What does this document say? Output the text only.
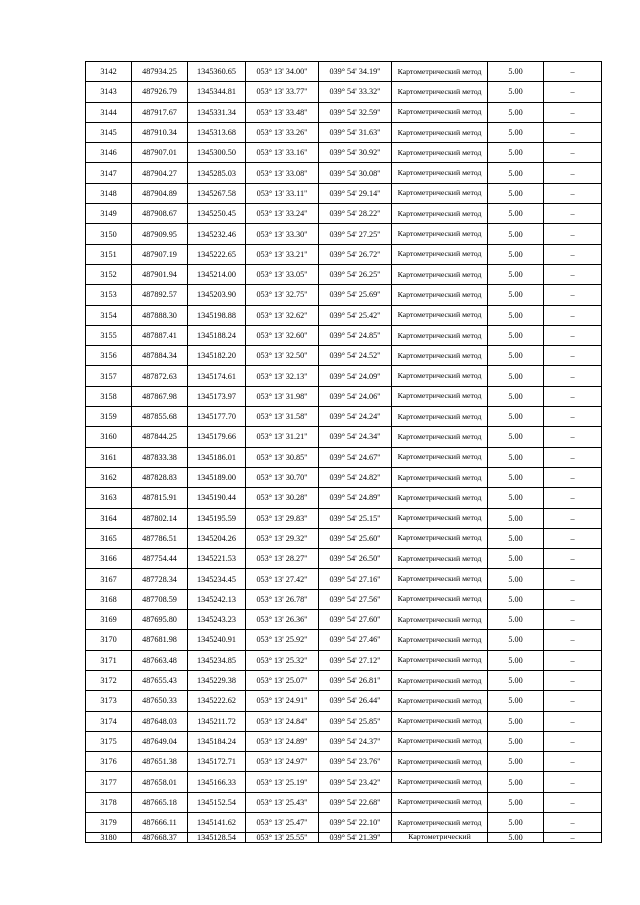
3142	487934.25	1345360.65	053° 13' 34.00"	039° 54' 34.19"	Картометрический метод	5.00	–
3143	487926.79	1345344.81	053° 13' 33.77"	039° 54' 33.32"	Картометрический метод	5.00	–
3144	487917.67	1345331.34	053° 13' 33.48"	039° 54' 32.59"	Картометрический метод	5.00	–
3145	487910.34	1345313.68	053° 13' 33.26"	039° 54' 31.63"	Картометрический метод	5.00	–
3146	487907.01	1345300.50	053° 13' 33.16"	039° 54' 30.92"	Картометрический метод	5.00	–
3147	487904.27	1345285.03	053° 13' 33.08"	039° 54' 30.08"	Картометрический метод	5.00	–
3148	487904.89	1345267.58	053° 13' 33.11"	039° 54' 29.14"	Картометрический метод	5.00	–
3149	487908.67	1345250.45	053° 13' 33.24"	039° 54' 28.22"	Картометрический метод	5.00	–
3150	487909.95	1345232.46	053° 13' 33.30"	039° 54' 27.25"	Картометрический метод	5.00	–
3151	487907.19	1345222.65	053° 13' 33.21"	039° 54' 26.72"	Картометрический метод	5.00	–
3152	487901.94	1345214.00	053° 13' 33.05"	039° 54' 26.25"	Картометрический метод	5.00	–
3153	487892.57	1345203.90	053° 13' 32.75"	039° 54' 25.69"	Картометрический метод	5.00	–
3154	487888.30	1345198.88	053° 13' 32.62"	039° 54' 25.42"	Картометрический метод	5.00	–
3155	487887.41	1345188.24	053° 13' 32.60"	039° 54' 24.85"	Картометрический метод	5.00	–
3156	487884.34	1345182.20	053° 13' 32.50"	039° 54' 24.52"	Картометрический метод	5.00	–
3157	487872.63	1345174.61	053° 13' 32.13"	039° 54' 24.09"	Картометрический метод	5.00	–
3158	487867.98	1345173.97	053° 13' 31.98"	039° 54' 24.06"	Картометрический метод	5.00	–
3159	487855.68	1345177.70	053° 13' 31.58"	039° 54' 24.24"	Картометрический метод	5.00	–
3160	487844.25	1345179.66	053° 13' 31.21"	039° 54' 24.34"	Картометрический метод	5.00	–
3161	487833.38	1345186.01	053° 13' 30.85"	039° 54' 24.67"	Картометрический метод	5.00	–
3162	487828.83	1345189.00	053° 13' 30.70"	039° 54' 24.82"	Картометрический метод	5.00	–
3163	487815.91	1345190.44	053° 13' 30.28"	039° 54' 24.89"	Картометрический метод	5.00	–
3164	487802.14	1345195.59	053° 13' 29.83"	039° 54' 25.15"	Картометрический метод	5.00	–
3165	487786.51	1345204.26	053° 13' 29.32"	039° 54' 25.60"	Картометрический метод	5.00	–
3166	487754.44	1345221.53	053° 13' 28.27"	039° 54' 26.50"	Картометрический метод	5.00	–
3167	487728.34	1345234.45	053° 13' 27.42"	039° 54' 27.16"	Картометрический метод	5.00	–
3168	487708.59	1345242.13	053° 13' 26.78"	039° 54' 27.56"	Картометрический метод	5.00	–
3169	487695.80	1345243.23	053° 13' 26.36"	039° 54' 27.60"	Картометрический метод	5.00	–
3170	487681.98	1345240.91	053° 13' 25.92"	039° 54' 27.46"	Картометрический метод	5.00	–
3171	487663.48	1345234.85	053° 13' 25.32"	039° 54' 27.12"	Картометрический метод	5.00	–
3172	487655.43	1345229.38	053° 13' 25.07"	039° 54' 26.81"	Картометрический метод	5.00	–
3173	487650.33	1345222.62	053° 13' 24.91"	039° 54' 26.44"	Картометрический метод	5.00	–
3174	487648.03	1345211.72	053° 13' 24.84"	039° 54' 25.85"	Картометрический метод	5.00	–
3175	487649.04	1345184.24	053° 13' 24.89"	039° 54' 24.37"	Картометрический метод	5.00	–
3176	487651.38	1345172.71	053° 13' 24.97"	039° 54' 23.76"	Картометрический метод	5.00	–
3177	487658.01	1345166.33	053° 13' 25.19"	039° 54' 23.42"	Картометрический метод	5.00	–
3178	487665.18	1345152.54	053° 13' 25.43"	039° 54' 22.68"	Картометрический метод	5.00	–
3179	487666.11	1345141.62	053° 13' 25.47"	039° 54' 22.10"	Картометрический метод	5.00	–
3180	487668.37	1345128.54	053° 13' 25.55"	039° 54' 21.39"	Картометрический	5.00	–
